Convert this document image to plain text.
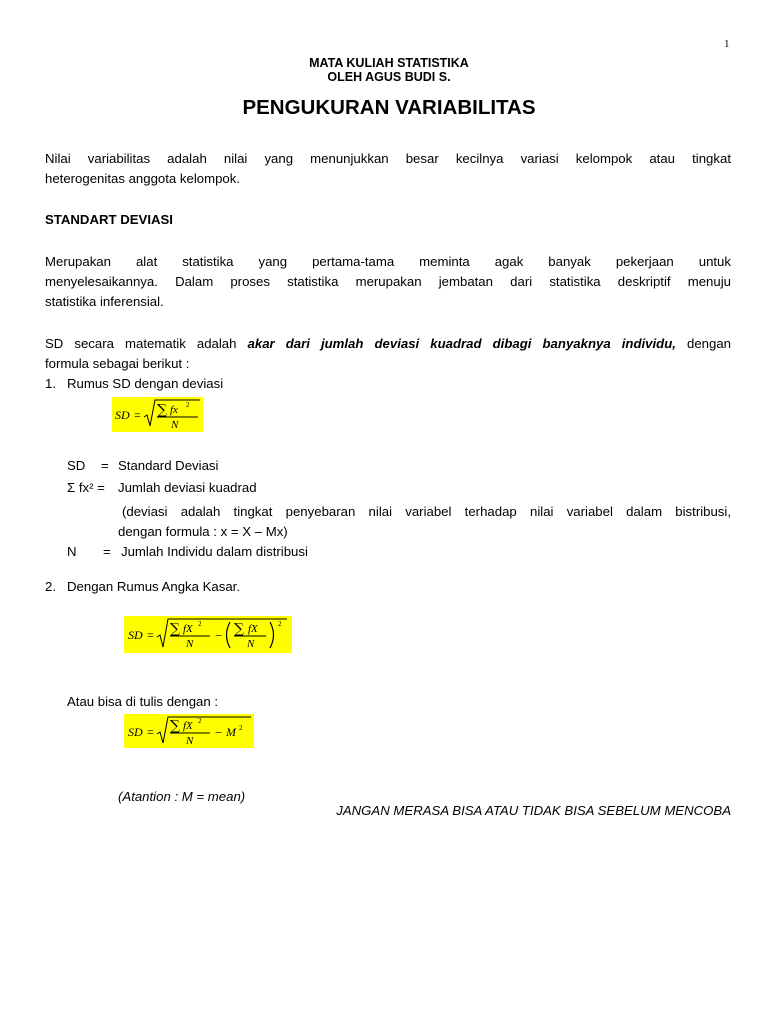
1
MATA KULIAH STATISTIKA
OLEH AGUS BUDI S.
PENGUKURAN VARIABILITAS
Nilai variabilitas adalah nilai yang menunjukkan besar kecilnya variasi kelompok atau tingkat
heterogenitas anggota kelompok.
STANDART DEVIASI
Merupakan alat statistika yang pertama-tama meminta agak banyak pekerjaan untuk
menyelesaikannya. Dalam proses statistika merupakan jembatan dari statistika deskriptif menuju
statistika inferensial.
SD secara matematik adalah akar dari jumlah deviasi kuadrad dibagi banyaknya individu, dengan
formula sebagai berikut :
1. Rumus SD dengan deviasi
SD = ∑ fx 2
N
SD = Standard Deviasi
Σ fx² = Jumlah deviasi kuadrad
(deviasi adalah tingkat penyebaran nilai variabel terhadap nilai variabel dalam bistribusi,
dengan formula : x = X – Mx)
N = Jumlah Individu dalam distribusi
2. Dengan Rumus Angka Kasar.
SD = ∑ fX 2
N
− ∑ fX
N
2
Atau bisa di tulis dengan :
SD = ∑ fX 2
N
− M 2
(Atantion : M = mean)
JANGAN MERASA BISA ATAU TIDAK BISA SEBELUM MENCOBA
